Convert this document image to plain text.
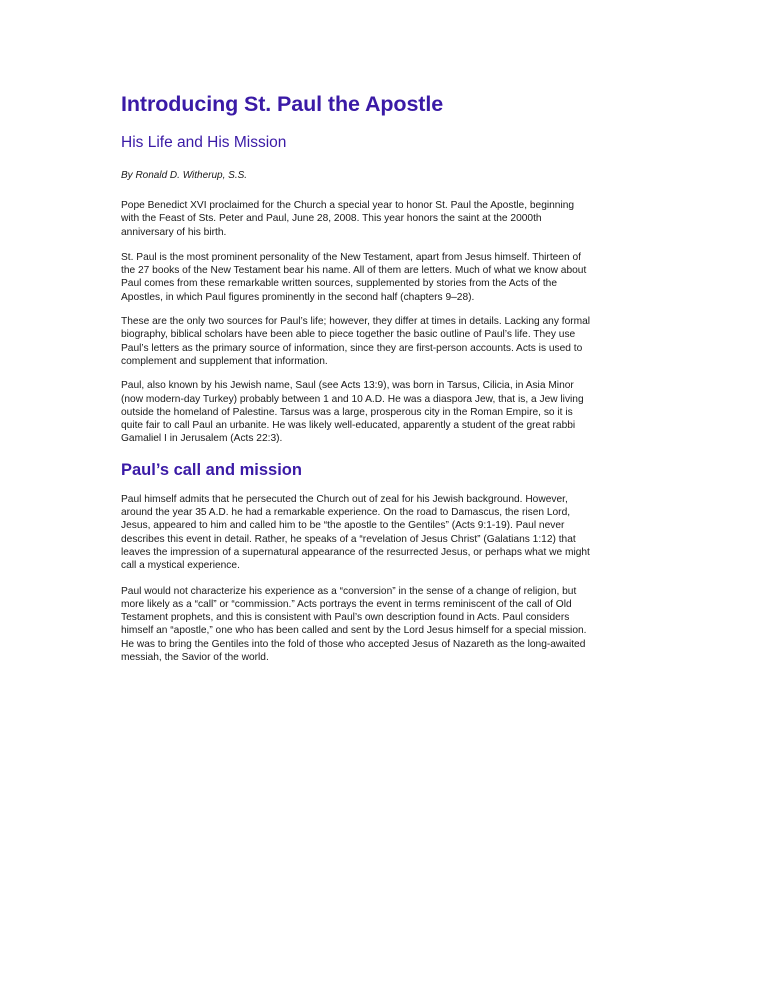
Introducing St. Paul the Apostle
His Life and His Mission

By Ronald D. Witherup, S.S.

Pope Benedict XVI proclaimed for the Church a special year to honor St. Paul the Apostle, beginning
with the Feast of Sts. Peter and Paul, June 28, 2008. This year honors the saint at the 2000th
anniversary of his birth.

St. Paul is the most prominent personality of the New Testament, apart from Jesus himself. Thirteen of
the 27 books of the New Testament bear his name. All of them are letters. Much of what we know about
Paul comes from these remarkable written sources, supplemented by stories from the Acts of the
Apostles, in which Paul figures prominently in the second half (chapters 9–28).

These are the only two sources for Paul’s life; however, they differ at times in details. Lacking any formal
biography, biblical scholars have been able to piece together the basic outline of Paul’s life. They use
Paul’s letters as the primary source of information, since they are first-person accounts. Acts is used to
complement and supplement that information.

Paul, also known by his Jewish name, Saul (see Acts 13:9), was born in Tarsus, Cilicia, in Asia Minor
(now modern-day Turkey) probably between 1 and 10 A.D. He was a diaspora Jew, that is, a Jew living
outside the homeland of Palestine. Tarsus was a large, prosperous city in the Roman Empire, so it is
quite fair to call Paul an urbanite. He was likely well-educated, apparently a student of the great rabbi
Gamaliel I in Jerusalem (Acts 22:3).

Paul’s call and mission

Paul himself admits that he persecuted the Church out of zeal for his Jewish background. However,
around the year 35 A.D. he had a remarkable experience. On the road to Damascus, the risen Lord,
Jesus, appeared to him and called him to be “the apostle to the Gentiles” (Acts 9:1-19). Paul never
describes this event in detail. Rather, he speaks of a “revelation of Jesus Christ” (Galatians 1:12) that
leaves the impression of a supernatural appearance of the resurrected Jesus, or perhaps what we might
call a mystical experience.

Paul would not characterize his experience as a “conversion” in the sense of a change of religion, but
more likely as a “call” or “commission.” Acts portrays the event in terms reminiscent of the call of Old
Testament prophets, and this is consistent with Paul’s own description found in Acts. Paul considers
himself an “apostle,” one who has been called and sent by the Lord Jesus himself for a special mission.
He was to bring the Gentiles into the fold of those who accepted Jesus of Nazareth as the long-awaited
messiah, the Savior of the world.
